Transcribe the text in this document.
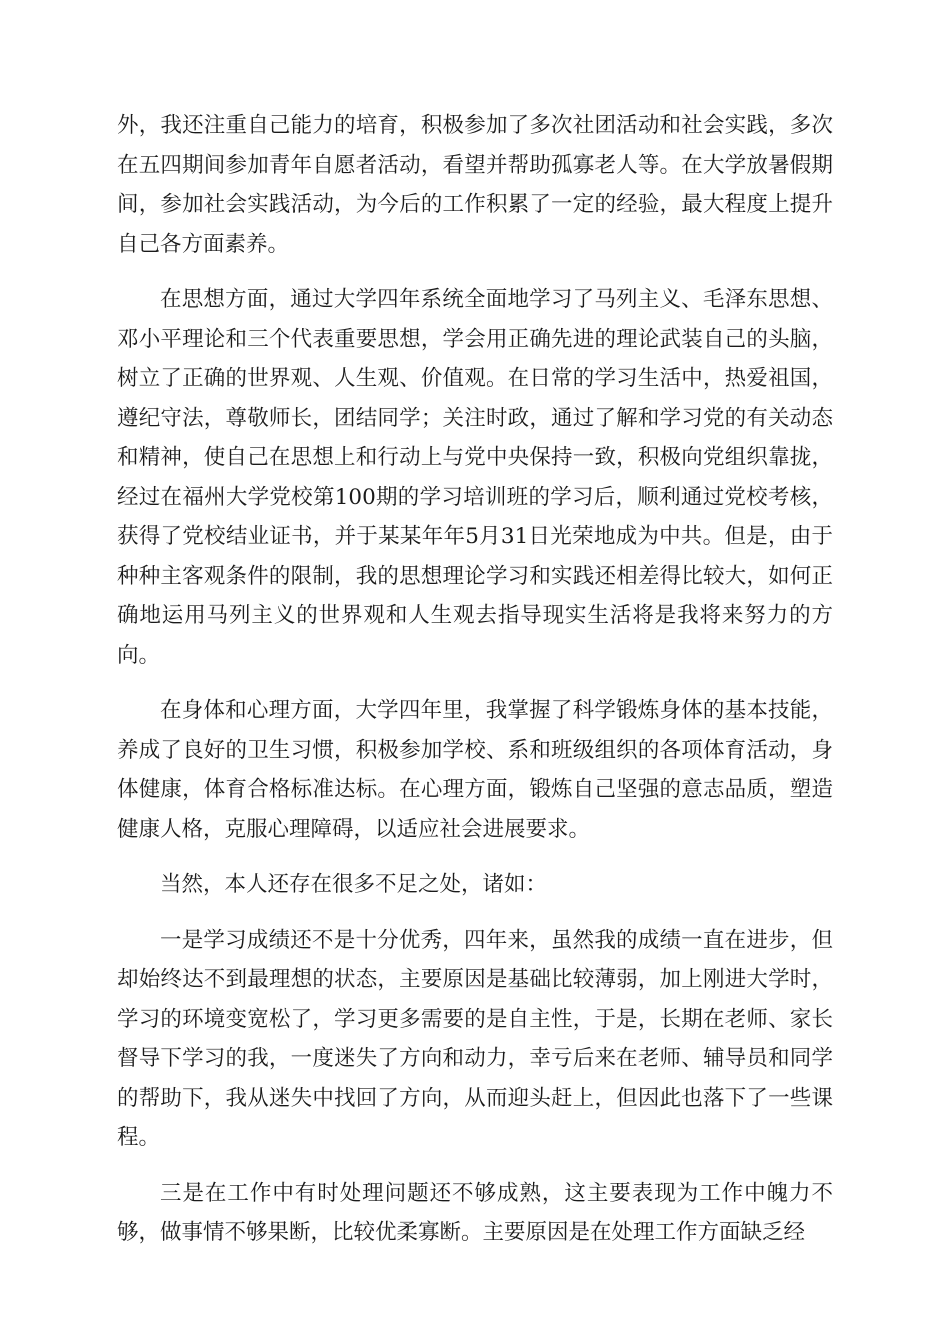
外，我还注重自己能力的培育，积极参加了多次社团活动和社会实践，多次在五四期间参加青年自愿者活动，看望并帮助孤寡老人等。在大学放暑假期间，参加社会实践活动，为今后的工作积累了一定的经验，最大程度上提升自己各方面素养。

在思想方面，通过大学四年系统全面地学习了马列主义、毛泽东思想、邓小平理论和三个代表重要思想，学会用正确先进的理论武装自己的头脑，树立了正确的世界观、人生观、价值观。在日常的学习生活中，热爱祖国，遵纪守法，尊敬师长，团结同学；关注时政，通过了解和学习党的有关动态和精神，使自己在思想上和行动上与党中央保持一致，积极向党组织靠拢，经过在福州大学党校第100期的学习培训班的学习后，顺利通过党校考核，获得了党校结业证书，并于某某年年5月31日光荣地成为中共。但是，由于种种主客观条件的限制，我的思想理论学习和实践还相差得比较大，如何正确地运用马列主义的世界观和人生观去指导现实生活将是我将来努力的方向。

在身体和心理方面，大学四年里，我掌握了科学锻炼身体的基本技能，养成了良好的卫生习惯，积极参加学校、系和班级组织的各项体育活动，身体健康，体育合格标准达标。在心理方面，锻炼自己坚强的意志品质，塑造健康人格，克服心理障碍，以适应社会进展要求。

当然，本人还存在很多不足之处，诸如：

一是学习成绩还不是十分优秀，四年来，虽然我的成绩一直在进步，但却始终达不到最理想的状态，主要原因是基础比较薄弱，加上刚进大学时，学习的环境变宽松了，学习更多需要的是自主性，于是，长期在老师、家长督导下学习的我，一度迷失了方向和动力，幸亏后来在老师、辅导员和同学的帮助下，我从迷失中找回了方向，从而迎头赶上，但因此也落下了一些课程。

三是在工作中有时处理问题还不够成熟，这主要表现为工作中魄力不够，做事情不够果断，比较优柔寡断。主要原因是在处理工作方面缺乏经
